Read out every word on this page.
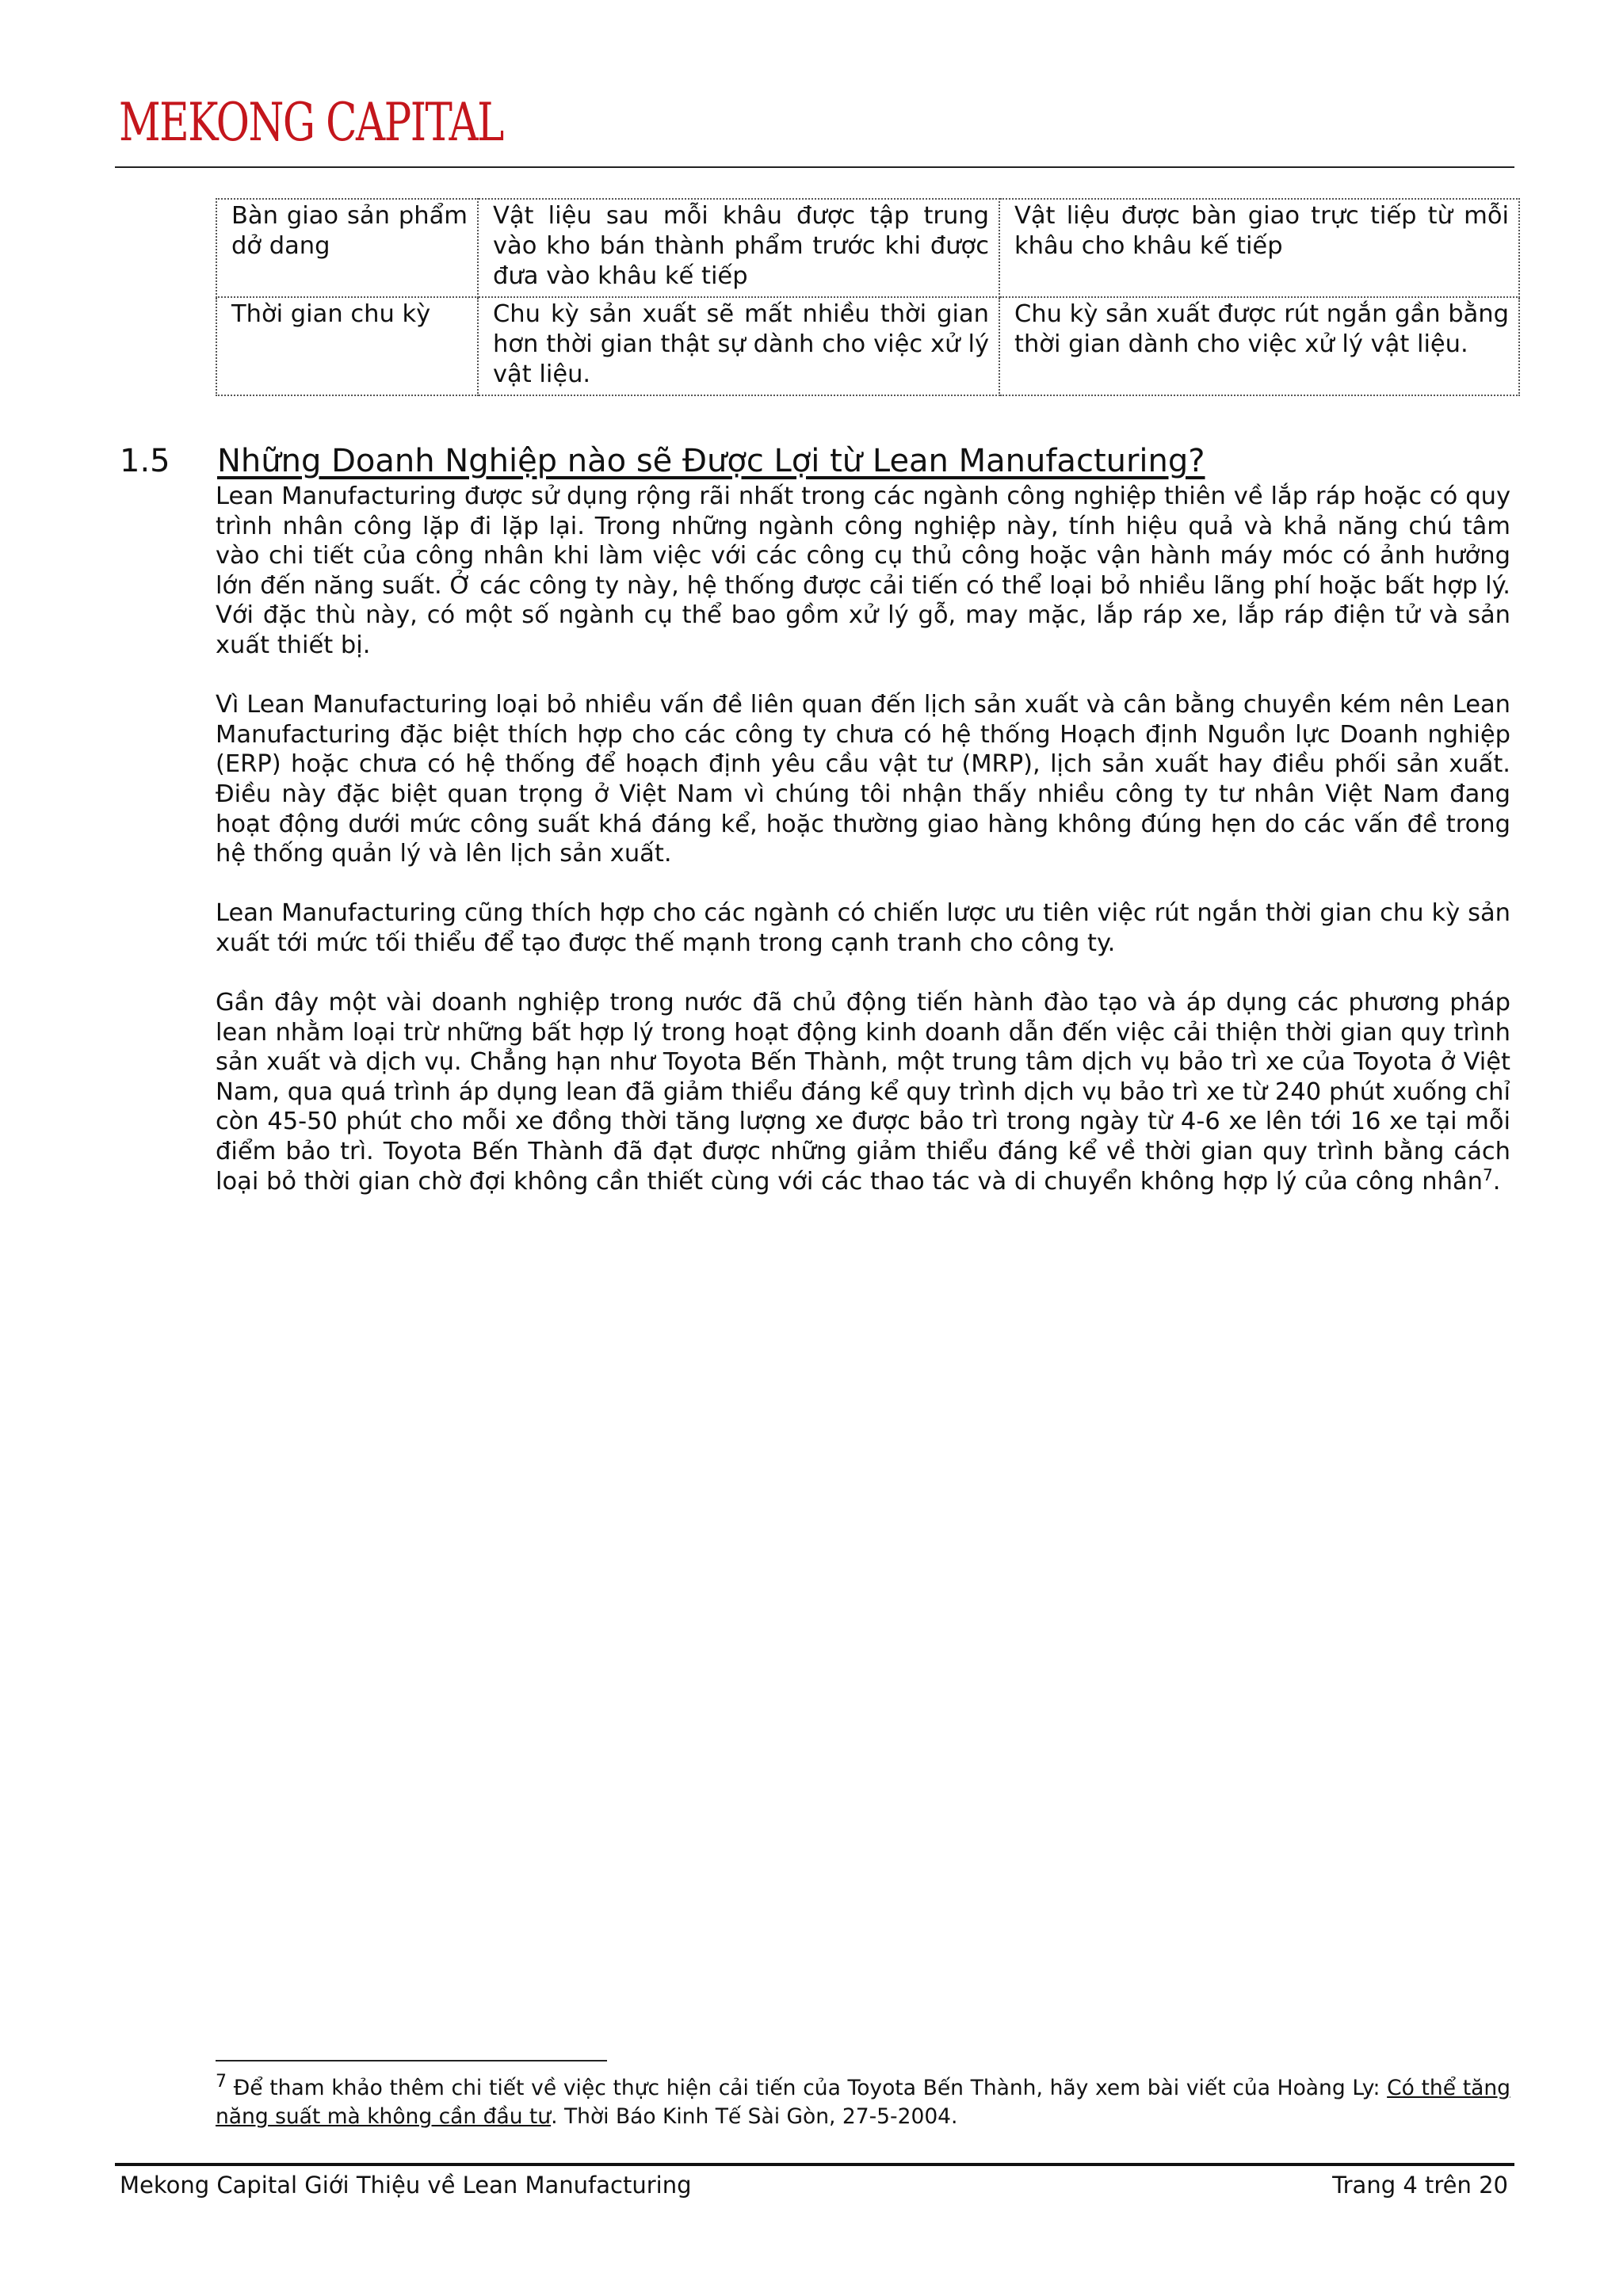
MEKONG CAPITAL
Bàn giao sản phẩm dở dang	Vật liệu sau mỗi khâu được tập trung vào kho bán thành phẩm trước khi được đưa vào khâu kế tiếp	Vật liệu được bàn giao trực tiếp từ mỗi khâu cho khâu kế tiếp
Thời gian chu kỳ	Chu kỳ sản xuất sẽ mất nhiều thời gian hơn thời gian thật sự dành cho việc xử lý vật liệu.	Chu kỳ sản xuất được rút ngắn gần bằng thời gian dành cho việc xử lý vật liệu.
1.5 Những Doanh Nghiệp nào sẽ Được Lợi từ Lean Manufacturing?

Lean Manufacturing được sử dụng rộng rãi nhất trong các ngành công nghiệp thiên về lắp ráp hoặc có quy trình nhân công lặp đi lặp lại. Trong những ngành công nghiệp này, tính hiệu quả và khả năng chú tâm vào chi tiết của công nhân khi làm việc với các công cụ thủ công hoặc vận hành máy móc có ảnh hưởng lớn đến năng suất. Ở các công ty này, hệ thống được cải tiến có thể loại bỏ nhiều lãng phí hoặc bất hợp lý. Với đặc thù này, có một số ngành cụ thể bao gồm xử lý gỗ, may mặc, lắp ráp xe, lắp ráp điện tử và sản xuất thiết bị.

Vì Lean Manufacturing loại bỏ nhiều vấn đề liên quan đến lịch sản xuất và cân bằng chuyền kém nên Lean Manufacturing đặc biệt thích hợp cho các công ty chưa có hệ thống Hoạch định Nguồn lực Doanh nghiệp (ERP) hoặc chưa có hệ thống để hoạch định yêu cầu vật tư (MRP), lịch sản xuất hay điều phối sản xuất. Điều này đặc biệt quan trọng ở Việt Nam vì chúng tôi nhận thấy nhiều công ty tư nhân Việt Nam đang hoạt động dưới mức công suất khá đáng kể, hoặc thường giao hàng không đúng hẹn do các vấn đề trong hệ thống quản lý và lên lịch sản xuất.

Lean Manufacturing cũng thích hợp cho các ngành có chiến lược ưu tiên việc rút ngắn thời gian chu kỳ sản xuất tới mức tối thiểu để tạo được thế mạnh trong cạnh tranh cho công ty.

Gần đây một vài doanh nghiệp trong nước đã chủ động tiến hành đào tạo và áp dụng các phương pháp lean nhằm loại trừ những bất hợp lý trong hoạt động kinh doanh dẫn đến việc cải thiện thời gian quy trình sản xuất và dịch vụ. Chẳng hạn như Toyota Bến Thành, một trung tâm dịch vụ bảo trì xe của Toyota ở Việt Nam, qua quá trình áp dụng lean đã giảm thiểu đáng kể quy trình dịch vụ bảo trì xe từ 240 phút xuống chỉ còn 45-50 phút cho mỗi xe đồng thời tăng lượng xe được bảo trì trong ngày từ 4-6 xe lên tới 16 xe tại mỗi điểm bảo trì. Toyota Bến Thành đã đạt được những giảm thiểu đáng kể về thời gian quy trình bằng cách loại bỏ thời gian chờ đợi không cần thiết cùng với các thao tác và di chuyển không hợp lý của công nhân$^7$.

$^7$ Để tham khảo thêm chi tiết về việc thực hiện cải tiến của Toyota Bến Thành, hãy xem bài viết của Hoàng Ly: Có thể tăng năng suất mà không cần đầu tư. Thời Báo Kinh Tế Sài Gòn, 27-5-2004.
Mekong Capital Giới Thiệu về Lean Manufacturing	Trang 4 trên 20
